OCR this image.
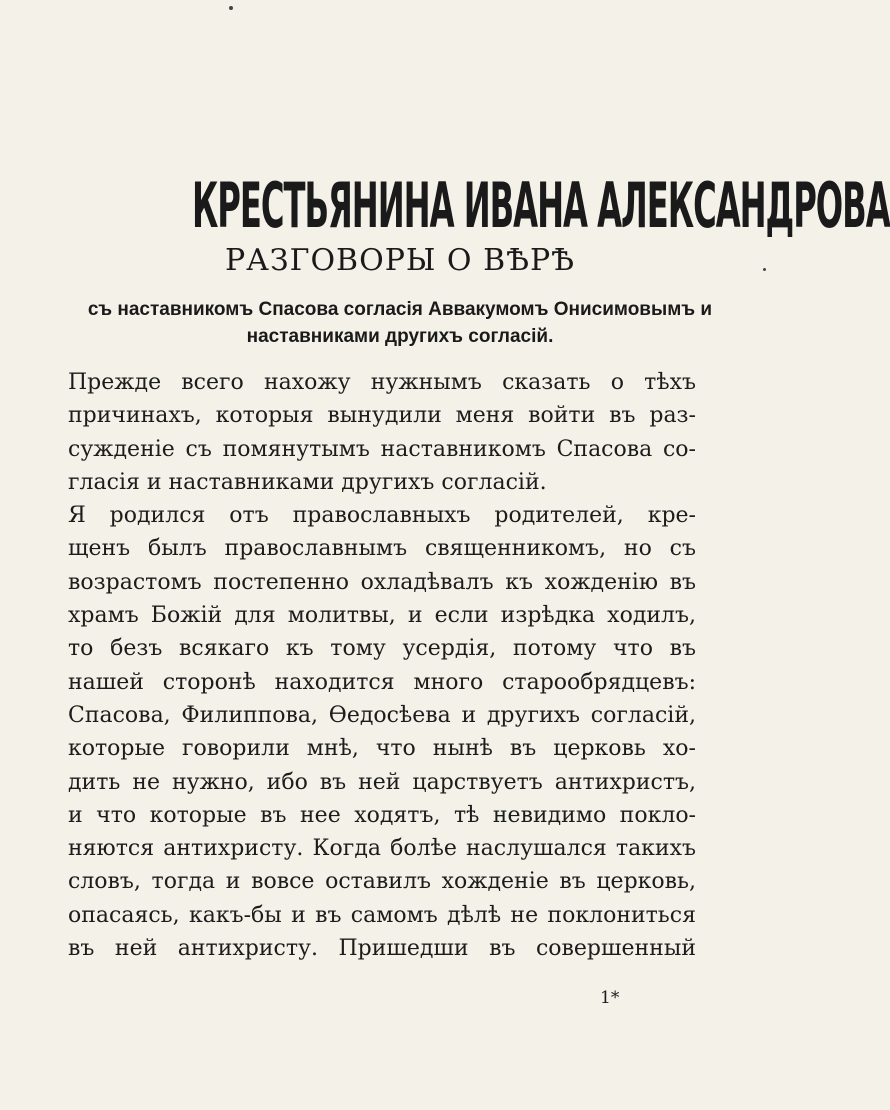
КРЕСТЬЯНИНА ИВАНА АЛЕКСАНДРОВА
РАЗГОВОРЫ О ВѢРѢ
съ наставникомъ Спасова согласія Аввакумомъ Онисимовымъ и
наставниками другихъ согласій.
Прежде всего нахожу нужнымъ сказать о тѣхъ
причинахъ, которыя вынудили меня войти въ раз-
сужденіе съ помянутымъ наставникомъ Спасова со-
гласія и наставниками другихъ согласій.
Я родился отъ православныхъ родителей, кре-
щенъ былъ православнымъ священникомъ, но съ
возрастомъ постепенно охладѣвалъ къ хожденію въ
храмъ Божій для молитвы, и если изрѣдка ходилъ,
то безъ всякаго къ тому усердія, потому что въ
нашей сторонѣ находится много старообрядцевъ:
Спасова, Филиппова, Ѳедосѣева и другихъ согласій,
которые говорили мнѣ, что нынѣ въ церковь хо-
дить не нужно, ибо въ ней царствуетъ антихристъ,
и что которые въ нее ходятъ, тѣ невидимо покло-
няются антихристу. Когда болѣе наслушался такихъ
словъ, тогда и вовсе оставилъ хожденіе въ церковь,
опасаясь, какъ-бы и въ самомъ дѣлѣ не поклониться
въ ней антихристу. Пришедши въ совершенный
1*
